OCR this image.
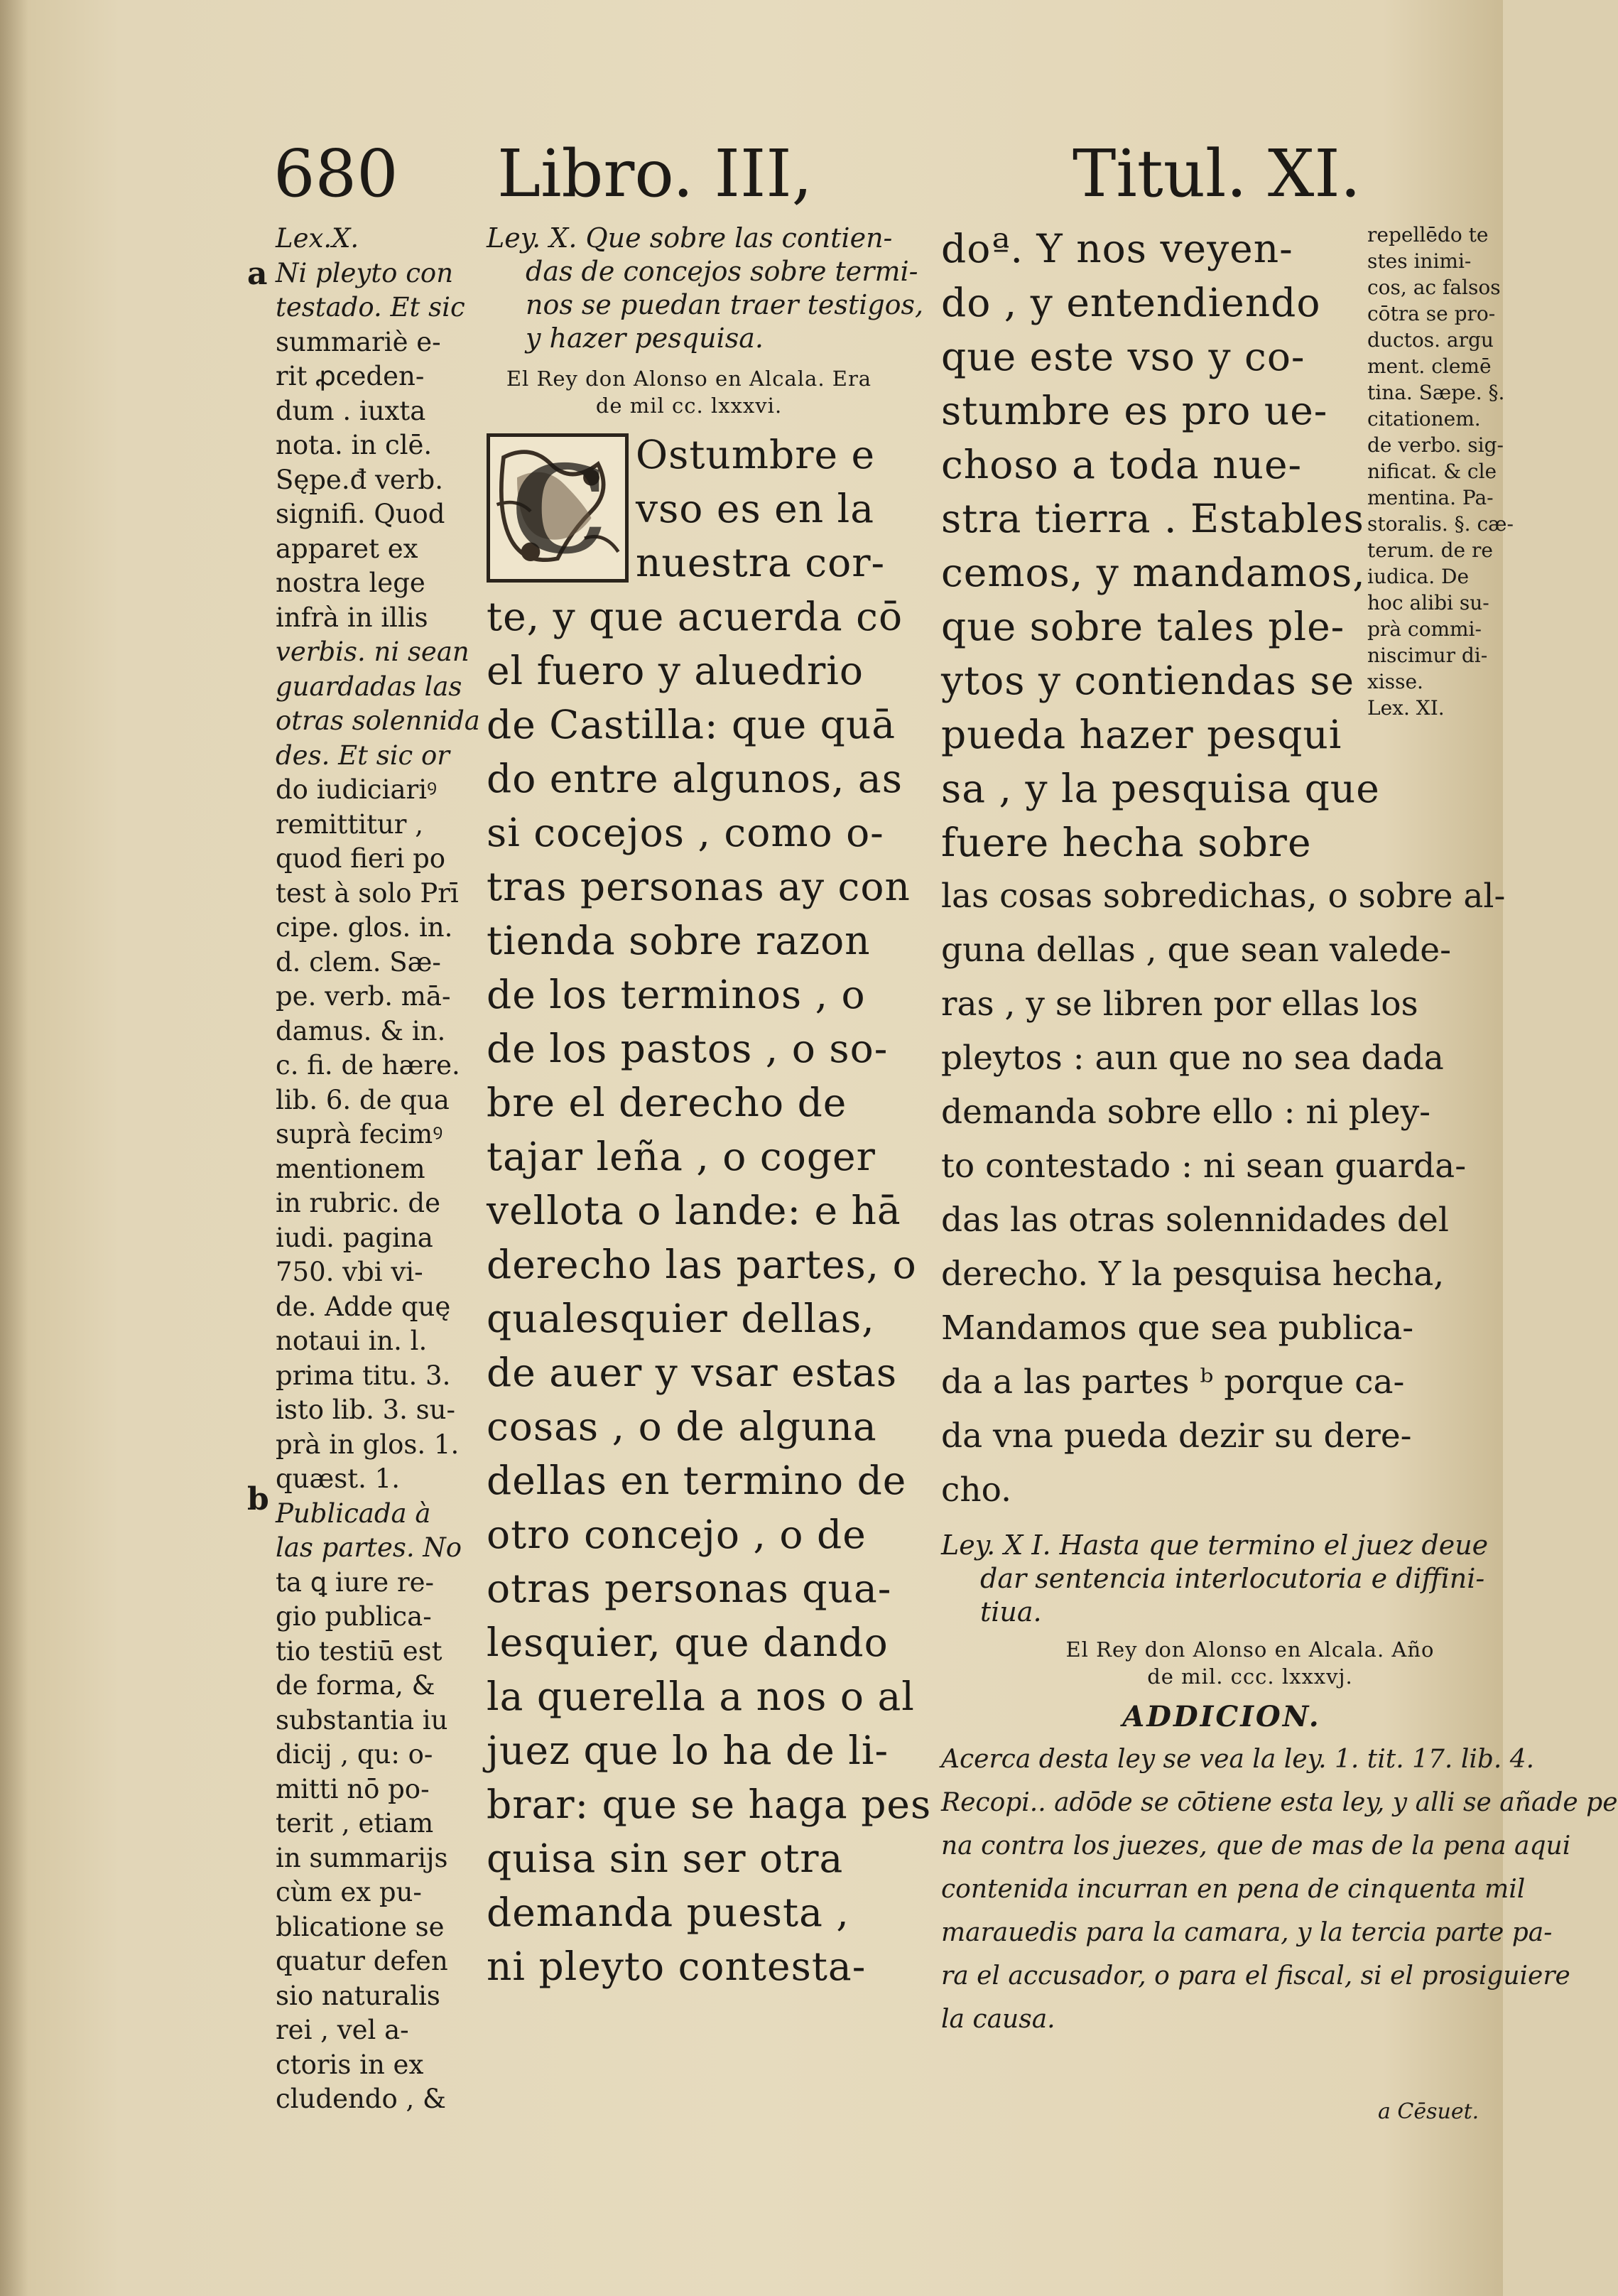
680 Libro. III,	Titul. XI.
a
b
Lex.X.
Ni pleyto con
testado. Et sic
summariè e-
rit ꝓceden-
dum . iuxta
nota. in clē.
Sępe.đ verb.
signifi. Quod
apparet ex
nostra lege
infrà in illis
verbis. ni sean
guardadas las
otras solennida
des. Et sic or
do iudiciariꝰ
remittitur ,
quod fieri po
test à solo Prī
cipe. glos. in.
d. clem. Sæ-
pe. verb. mā-
damus. & in.
c. fi. de hære.
lib. 6. de qua
suprà fecimꝰ
mentionem
in rubric. de
iudi. pagina
750. vbi vi-
de. Adde quę
notaui in. l.
prima titu. 3.
isto lib. 3. su-
prà in glos. 1.
quæst. 1.
Publicada à
las partes. No
ta ꝗ iure re-
gio publica-
tio testiū est
de forma, &
substantia iu
dicij , qu: o-
mitti nō po-
terit , etiam
in summarijs
cùm ex pu-
blicatione se
quatur defen
sio naturalis
rei , vel a-
ctoris in ex
cludendo , &
repellēdo te
stes inimi-
cos, ac falsos
cōtra se pro-
ductos. argu
ment. clemē
tina. Sæpe. §.
citationem.
de verbo. sig-
nificat. & cle
mentina. Pa-
storalis. §. cæ-
terum. de re
iudica. De
hoc alibi su-
prà commi-
niscimur di-
xisse.
Lex. XI.
Ley. X. Que sobre las contien-
das de concejos sobre termi-
nos se puedan traer testigos,
y hazer pesquisa.
El Rey don Alonso en Alcala. Era
de mil cc. lxxxvi.
C Ostumbre e
vso es en la
nuestra cor-
te, y que acuerda cō
el fuero y aluedrio
de Castilla: que quā
do entre algunos, as
si cocejos , como o-
tras personas ay con
tienda sobre razon
de los terminos , o
de los pastos , o so-
bre el derecho de
tajar leña , o coger
vellota o lande: e hā
derecho las partes, o
qualesquier dellas,
de auer y vsar estas
cosas , o de alguna
dellas en termino de
otro concejo , o de
otras personas qua-
lesquier, que dando
la querella a nos o al
juez que lo ha de li-
brar: que se haga pes
quisa sin ser otra
demanda puesta ,
ni pleyto contesta-
doª. Y nos veyen-
do , y entendiendo
que este vso y co-
stumbre es pro ue-
choso a toda nue-
stra tierra . Estables
cemos, y mandamos,
que sobre tales ple-
ytos y contiendas se
pueda hazer pesqui
sa , y la pesquisa que
fuere hecha sobre
las cosas sobredichas, o sobre al-
guna dellas , que sean valede-
ras , y se libren por ellas los
pleytos : aun que no sea dada
demanda sobre ello : ni pley-
to contestado : ni sean guarda-
das las otras solennidades del
derecho. Y la pesquisa hecha,
Mandamos que sea publica-
da a las partes ᵇ porque ca-
da vna pueda dezir su dere-
cho.
Ley. X I. Hasta que termino el juez deue
dar sentencia interlocutoria e diffini-
tiua.
El Rey don Alonso en Alcala. Año
de mil. ccc. lxxxvj.
ADDICION.
Acerca desta ley se vea la ley. 1. tit. 17. lib. 4.
Recopi.. adōde se cōtiene esta ley, y alli se añade pe
na contra los juezes, que de mas de la pena aqui
contenida incurran en pena de cinquenta mil
marauedis para la camara, y la tercia parte pa-
ra el accusador, o para el fiscal, si el prosiguiere
la causa.
a Cēsuet.
